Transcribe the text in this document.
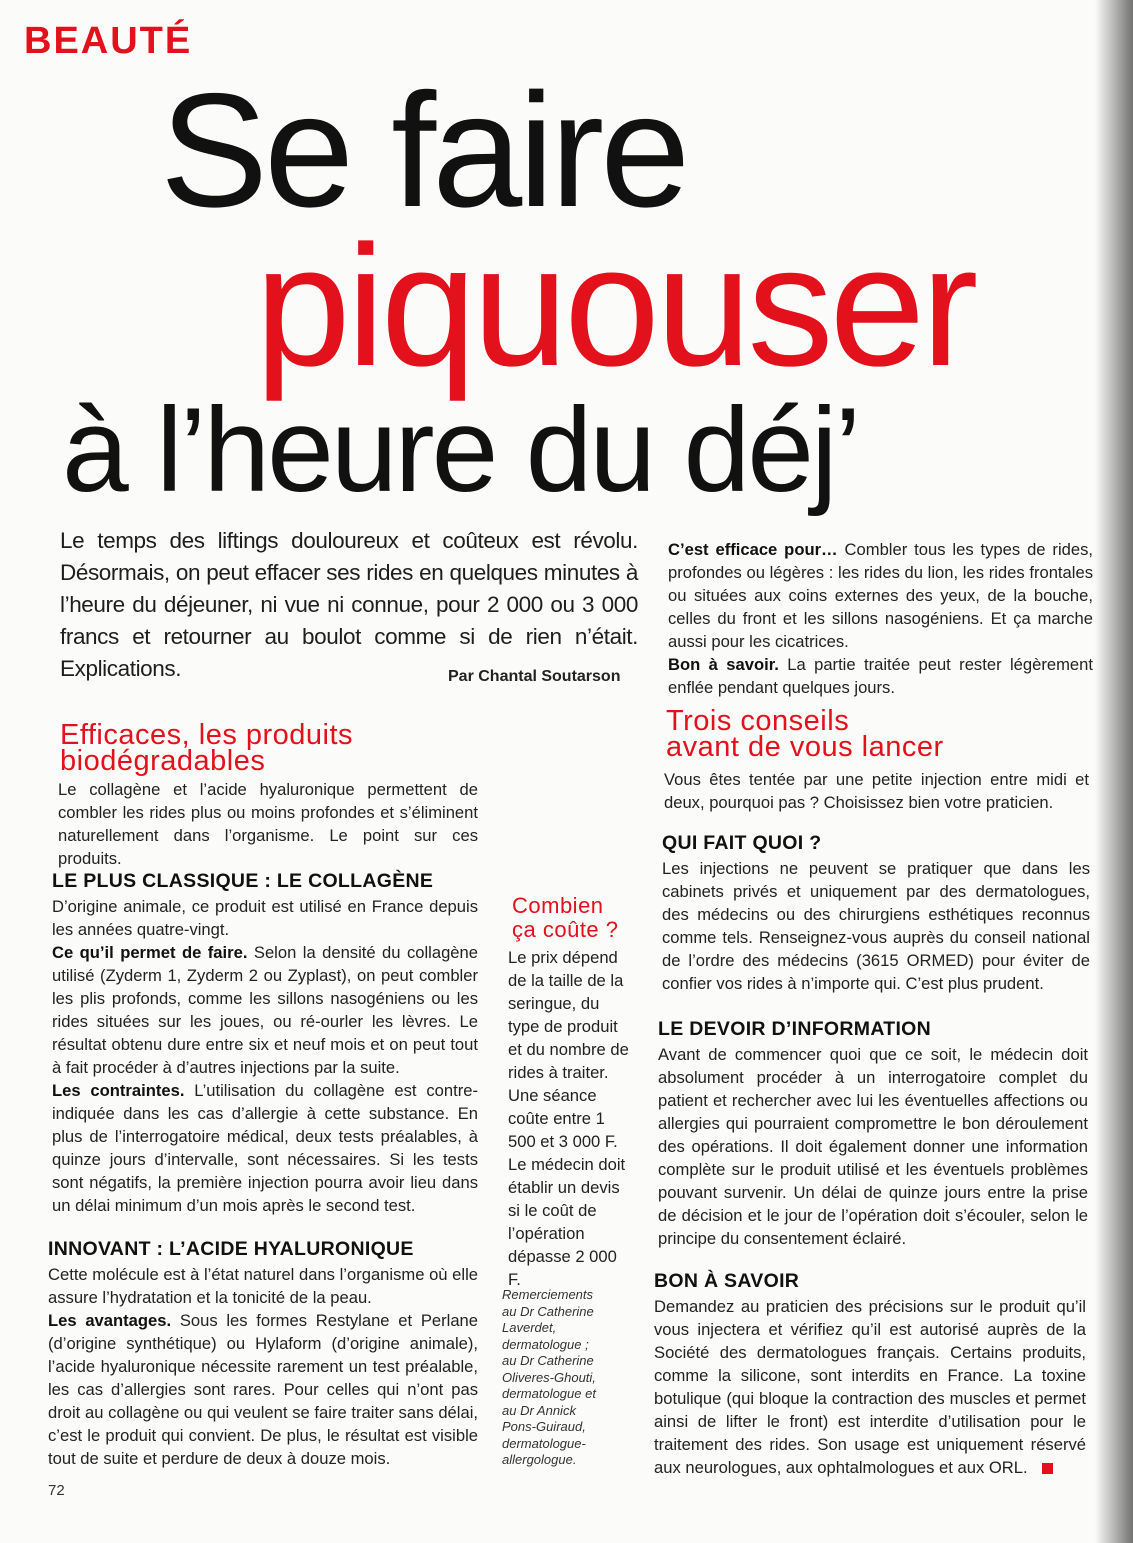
BEAUTÉ
Se faire
piquouser
à l’heure du déj’
Le temps des liftings douloureux et coûteux est révolu. Désormais, on peut effacer ses rides en quelques minutes à l’heure du déjeuner, ni vue ni connue, pour 2 000 ou 3 000 francs et retourner au boulot comme si de rien n’était. Explications.	Par Chantal Soutarson
Efficaces, les produits
biodégradables
Le collagène et l’acide hyaluronique permettent de combler les rides plus ou moins profondes et s’éliminent naturellement dans l’organisme. Le point sur ces produits.
LE PLUS CLASSIQUE : LE COLLAGÈNE

D’origine animale, ce produit est utilisé en France depuis les années quatre-vingt.

Ce qu’il permet de faire. Selon la densité du collagène utilisé (Zyderm 1, Zyderm 2 ou Zyplast), on peut combler les plis profonds, comme les sillons nasogéniens ou les rides situées sur les joues, ou ré-ourler les lèvres. Le résultat obtenu dure entre six et neuf mois et on peut tout à fait procéder à d’autres injections par la suite.

Les contraintes. L’utilisation du collagène est contre-indiquée dans les cas d’allergie à cette substance. En plus de l’interrogatoire médical, deux tests préalables, à quinze jours d’intervalle, sont nécessaires. Si les tests sont négatifs, la première injection pourra avoir lieu dans un délai minimum d’un mois après le second test.

INNOVANT : L’ACIDE HYALURONIQUE

Cette molécule est à l’état naturel dans l’organisme où elle assure l’hydratation et la tonicité de la peau.

Les avantages. Sous les formes Restylane et Perlane (d’origine synthétique) ou Hylaform (d’origine animale), l’acide hyaluronique nécessite rarement un test préalable, les cas d’allergies sont rares. Pour celles qui n’ont pas droit au collagène ou qui veulent se faire traiter sans délai, c’est le produit qui convient. De plus, le résultat est visible tout de suite et perdure de deux à douze mois.

Combien
ça coûte ?
Le prix dépend de la taille de la seringue, du type de produit et du nombre de rides à traiter. Une séance coûte entre 1 500 et 3 000 F. Le médecin doit établir un devis si le coût de l’opération dépasse 2 000 F.
Remerciements au Dr Catherine Laverdet, dermatologue ; au Dr Catherine Oliveres-Ghouti, dermatologue et au Dr Annick Pons-Guiraud, dermatologue-allergologue.

C’est efficace pour… Combler tous les types de rides, profondes ou légères : les rides du lion, les rides frontales ou situées aux coins externes des yeux, de la bouche, celles du front et les sillons nasogéniens. Et ça marche aussi pour les cicatrices.

Bon à savoir. La partie traitée peut rester légèrement enflée pendant quelques jours.

Trois conseils
avant de vous lancer
Vous êtes tentée par une petite injection entre midi et deux, pourquoi pas ? Choisissez bien votre praticien.
QUI FAIT QUOI ?

Les injections ne peuvent se pratiquer que dans les cabinets privés et uniquement par des dermatologues, des médecins ou des chirurgiens esthétiques reconnus comme tels. Renseignez-vous auprès du conseil national de l’ordre des médecins (3615 ORMED) pour éviter de confier vos rides à n’importe qui. C’est plus prudent.

LE DEVOIR D’INFORMATION

Avant de commencer quoi que ce soit, le médecin doit absolument procéder à un interrogatoire complet du patient et rechercher avec lui les éventuelles affections ou allergies qui pourraient compromettre le bon déroulement des opérations. Il doit également donner une information complète sur le produit utilisé et les éventuels problèmes pouvant survenir. Un délai de quinze jours entre la prise de décision et le jour de l’opération doit s’écouler, selon le principe du consentement éclairé.

BON À SAVOIR

Demandez au praticien des précisions sur le produit qu’il vous injectera et vérifiez qu’il est autorisé auprès de la Société des dermatologues français. Certains produits, comme la silicone, sont interdits en France. La toxine botulique (qui bloque la contraction des muscles et permet ainsi de lifter le front) est interdite d’utilisation pour le traitement des rides. Son usage est uniquement réservé aux neurologues, aux ophtalmologues et aux ORL.

72
